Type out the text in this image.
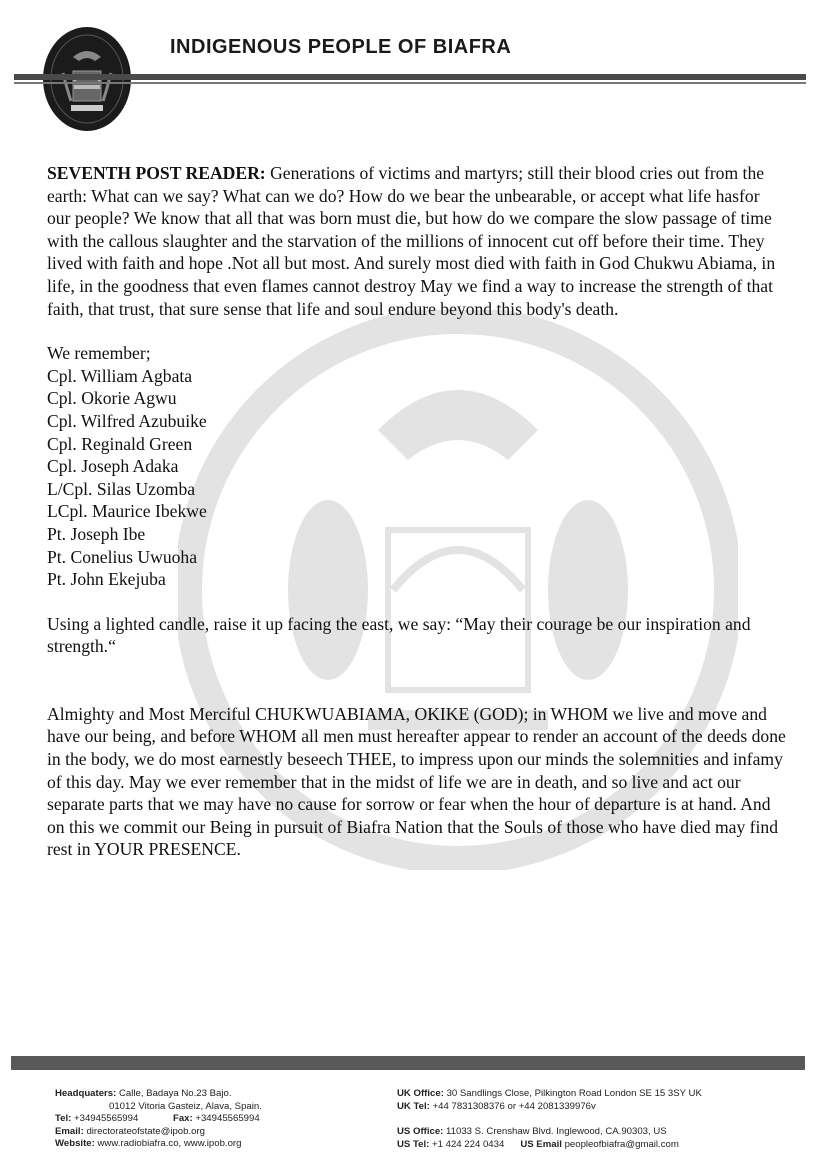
INDIGENOUS PEOPLE OF BIAFRA

SEVENTH POST READER: Generations of victims and martyrs; still their blood cries out from the earth: What can we say? What can we do? How do we bear the unbearable, or accept what life hasfor our people? We know that all that was born must die, but how do we compare the slow passage of time with the callous slaughter and the starvation of the millions of innocent cut off before their time. They lived with faith and hope .Not all but most. And surely most died with faith in God Chukwu Abiama, in life, in the goodness that even flames cannot destroy May we find a way to increase the strength of that faith, that trust, that sure sense that life and soul endure beyond this body's death.

We remember;

Cpl. William Agbata

Cpl. Okorie Agwu

Cpl. Wilfred Azubuike

Cpl. Reginald Green

Cpl. Joseph Adaka

L/Cpl. Silas Uzomba

LCpl. Maurice Ibekwe

Pt. Joseph Ibe

Pt. Conelius Uwuoha

Pt. John Ekejuba

Using a lighted candle, raise it up facing the east, we say: “May their courage be our inspiration and strength.“

Almighty and Most Merciful CHUKWUABIAMA, OKIKE (GOD); in WHOM we live and move and have our being, and before WHOM all men must hereafter appear to render an account of the deeds done in the body, we do most earnestly beseech THEE, to impress upon our minds the solemnities and infamy of this day. May we ever remember that in the midst of life we are in death, and so live and act our separate parts that we may have no cause for sorrow or fear when the hour of departure is at hand. And on this we commit our Being in pursuit of Biafra Nation that the Souls of those who have died may find rest in YOUR PRESENCE.

Headquaters: Calle, Badaya No.23 Bajo.
01012 Vitoria Gasteiz, Alava, Spain.
Tel: +34945565994	Fax: +34945565994
Email: directorateofstate@ipob.org
Website: www.radiobiafra.co, www.ipob.org
UK Office: 30 Sandlings Close, Pilkington Road London SE 15 3SY UK
UK Tel: +44 7831308376 or +44 2081339976v
US Office: 11033 S. Crenshaw Blvd. Inglewood, CA.90303, US
US Tel: +1 424 224 0434 US Email peopleofbiafra@gmail.com
